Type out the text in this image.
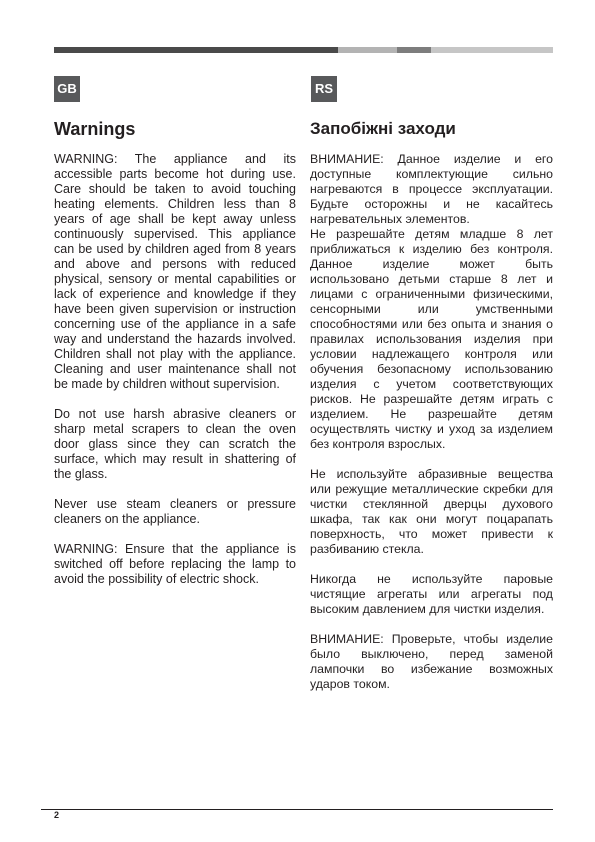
GB	RS
Warnings

WARNING: The appliance and its accessible parts become hot during use. Care should be taken to avoid touching heating elements. Children less than 8 years of age shall be kept away unless continuously supervised. This appliance can be used by children aged from 8 years and above and persons with reduced physical, sensory or mental capabilities or lack of experience and knowledge if they have been given supervision or instruction concerning use of the appliance in a safe way and understand the hazards involved. Children shall not play with the appliance. Cleaning and user maintenance shall not be made by children without supervision.

Do not use harsh abrasive cleaners or sharp metal scrapers to clean the oven door glass since they can scratch the surface, which may result in shattering of the glass.

Never use steam cleaners or pressure cleaners on the appliance.

WARNING: Ensure that the appliance is switched off before replacing the lamp to avoid the possibility of electric shock.

Запобіжні заходи

ВНИМАНИЕ: Данное изделие и его доступные комплектующие сильно нагреваются в процессе эксплуатации. Будьте осторожны и не касайтесь нагревательных элементов.

Не разрешайте детям младше 8 лет приближаться к изделию без контроля. Данное изделие может быть использовано детьми старше 8 лет и лицами с ограниченными физическими, сенсорными или умственными способностями или без опыта и знания о правилах использования изделия при условии надлежащего контроля или обучения безопасному использованию изделия с учетом соответствующих рисков. Не разрешайте детям играть с изделием. Не разрешайте детям осуществлять чистку и уход за изделием без контроля взрослых.

Не используйте абразивные вещества или режущие металлические скребки для чистки стеклянной дверцы духового шкафа, так как они могут поцарапать поверхность, что может привести к разбиванию стекла.

Никогда не используйте паровые чистящие агрегаты или агрегаты под высоким давлением для чистки изделия.

ВНИМАНИЕ: Проверьте, чтобы изделие было выключено, перед заменой лампочки во избежание возможных ударов током.

2
